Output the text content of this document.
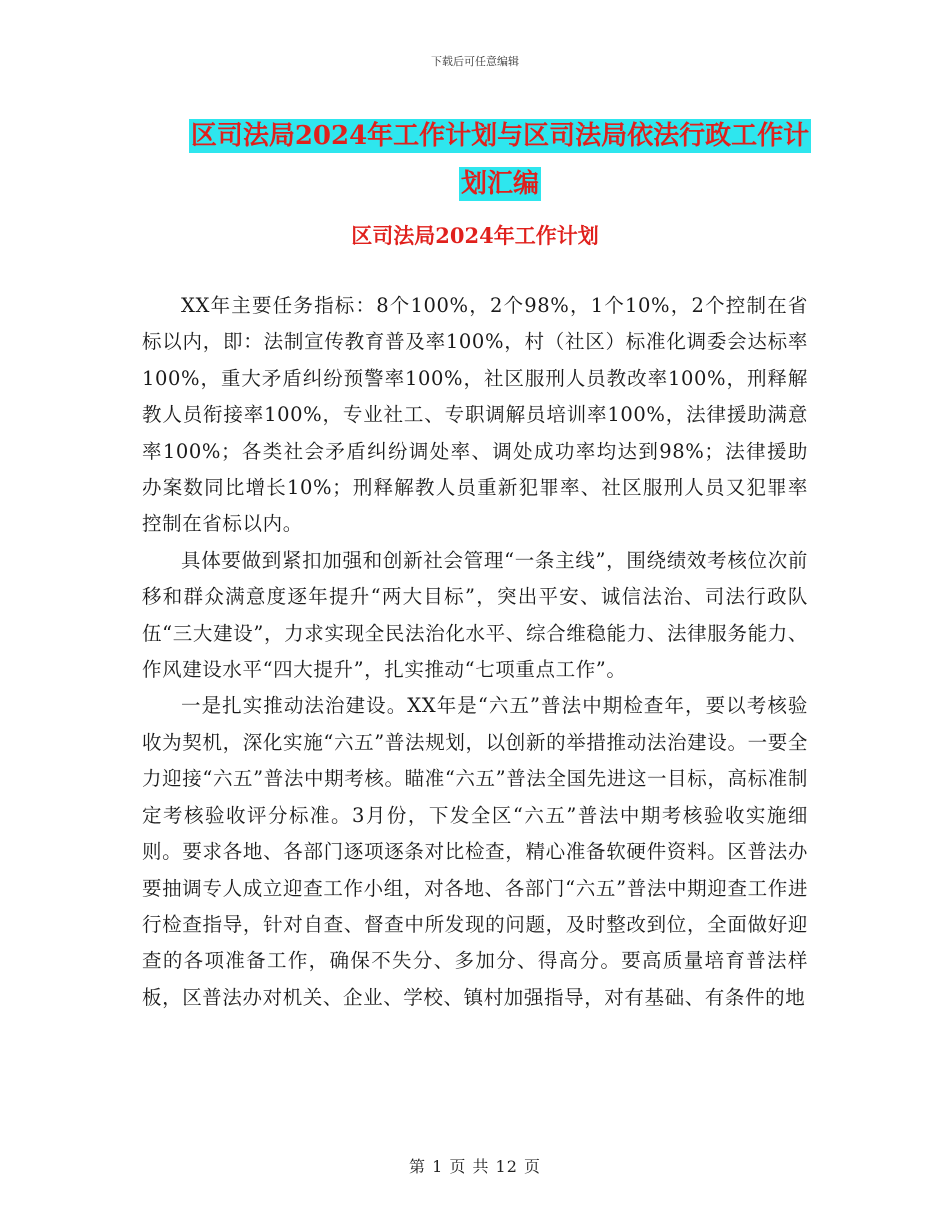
下载后可任意编辑
区司法局2024年工作计划与区司法局依法行政工作计
划汇编
区司法局2024年工作计划

XX年主要任务指标：8个100%，2个98%，1个10%，2个控制在省标以内，即：法制宣传教育普及率100%，村（社区）标准化调委会达标率100%，重大矛盾纠纷预警率100%，社区服刑人员教改率100%，刑释解教人员衔接率100%，专业社工、专职调解员培训率100%，法律援助满意率100%；各类社会矛盾纠纷调处率、调处成功率均达到98%；法律援助办案数同比增长10%；刑释解教人员重新犯罪率、社区服刑人员又犯罪率控制在省标以内。

具体要做到紧扣加强和创新社会管理“一条主线”，围绕绩效考核位次前移和群众满意度逐年提升“两大目标”，突出平安、诚信法治、司法行政队伍“三大建设”，力求实现全民法治化水平、综合维稳能力、法律服务能力、作风建设水平“四大提升”，扎实推动“七项重点工作”。

一是扎实推动法治建设。XX年是“六五”普法中期检查年，要以考核验收为契机，深化实施“六五”普法规划，以创新的举措推动法治建设。一要全力迎接“六五”普法中期考核。瞄准“六五”普法全国先进这一目标，高标准制定考核验收评分标准。3月份，下发全区“六五”普法中期考核验收实施细则。要求各地、各部门逐项逐条对比检查，精心准备软硬件资料。区普法办要抽调专人成立迎查工作小组，对各地、各部门“六五”普法中期迎查工作进行检查指导，针对自查、督查中所发现的问题，及时整改到位，全面做好迎查的各项准备工作，确保不失分、多加分、得高分。要高质量培育普法样板，区普法办对机关、企业、学校、镇村加强指导，对有基础、有条件的地

第 1 页 共 12 页
